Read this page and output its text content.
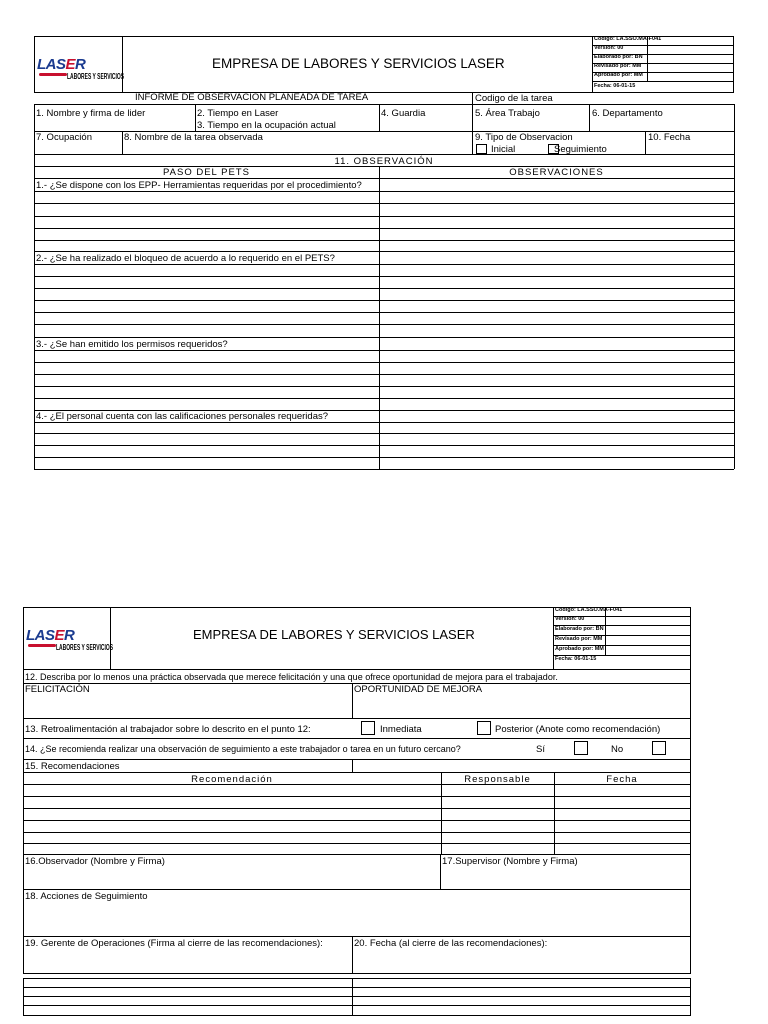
LASER
LABORES Y SERVICIOS
EMPRESA DE LABORES Y SERVICIOS LASER
Codigo: LA.SSO.MA-F041
Version: 00
Elaborado por: BN
Revisado por: MM
Aprobado por: MM
Fecha: 06-01-15
INFORME DE OBSERVACION PLANEADA DE TAREA	Codigo de la tarea
1. Nombre y firma de lider	2. Tiempo en Laser
3. Tiempo en la ocupación actual
4. Guardia	5. Área Trabajo	6. Departamento
7. Ocupación	8. Nombre de la tarea observada	9. Tipo de Observacion	10. Fecha
Inicial	Seguimiento
11. OBSERVACIÓN
PASO DEL PETS	OBSERVACIONES
1.- ¿Se dispone con los EPP- Herramientas requeridas por el procedimiento?
2.- ¿Se ha realizado el bloqueo de acuerdo a lo requerido en el PETS?
3.- ¿Se han emitido los permisos requeridos?
4.- ¿El personal cuenta con las calificaciones personales requeridas?
LASER
LABORES Y SERVICIOS
EMPRESA DE LABORES Y SERVICIOS LASER
Codigo: LA.SSO.MA-F041
Version: 00
Elaborado por: BN
Revisado por: MM
Aprobado por: MM
Fecha: 06-01-15
12. Describa por lo menos una práctica observada que merece felicitación y una que ofrece oportunidad de mejora para el trabajador.
FELICITACIÓN	OPORTUNIDAD DE MEJORA
13. Retroalimentación al trabajador sobre lo descrito en el punto 12:	Inmediata	Posterior (Anote como recomendación)
14. ¿Se recomienda realizar una observación de seguimiento a este trabajador o tarea en un futuro cercano?	Sí	No
15. Recomendaciones
Recomendación	Responsable	Fecha
16.Observador (Nombre y Firma)	17.Supervisor (Nombre y Firma)
18. Acciones de Seguimiento
19. Gerente de Operaciones (Firma al cierre de las recomendaciones):	20. Fecha (al cierre de las recomendaciones):
